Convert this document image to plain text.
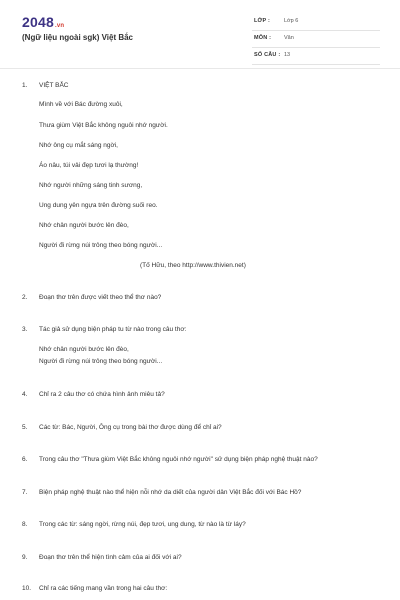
2048.vn
(Ngữ liệu ngoài sgk) Việt Bắc
LỚP :	Lớp 6
MÔN : Văn
SỐ CÂU : 13
1. VIỆT BẮC
Mình về với Bác đường xuôi,
Thưa giùm Việt Bắc không nguôi nhớ người.
Nhớ ông cụ mắt sáng ngời,
Áo nâu, túi vải đẹp tươi lạ thường!
Nhớ người những sáng tinh sương,
Ung dung yên ngựa trên đường suối reo.
Nhớ chân người bước lên đèo,
Người đi rừng núi trông theo bóng người...
(Tố Hữu, theo http://www.thivien.net)
2. Đoạn thơ trên được viết theo thể thơ nào?
3. Tác giả sử dụng biện pháp tu từ nào trong câu thơ:
Nhớ chân người bước lên đèo,
Người đi rừng núi trông theo bóng người...
4. Chỉ ra 2 câu thơ có chứa hình ảnh miêu tả?
5. Các từ: Bác, Người, Ông cụ trong bài thơ được dùng để chỉ ai?
6. Trong câu thơ "Thưa giùm Việt Bắc không nguôi nhớ người" sử dụng biện pháp nghệ thuật nào?
7. Biện pháp nghệ thuật nào thể hiện nỗi nhớ da diết của người dân Việt Bắc đối với Bác Hồ?
8. Trong các từ: sáng ngời, rừng núi, đẹp tươi, ung dung, từ nào là từ láy?
9. Đoạn thơ trên thể hiện tình cảm của ai đối với ai?
10. Chỉ ra các tiếng mang vần trong hai câu thơ:
